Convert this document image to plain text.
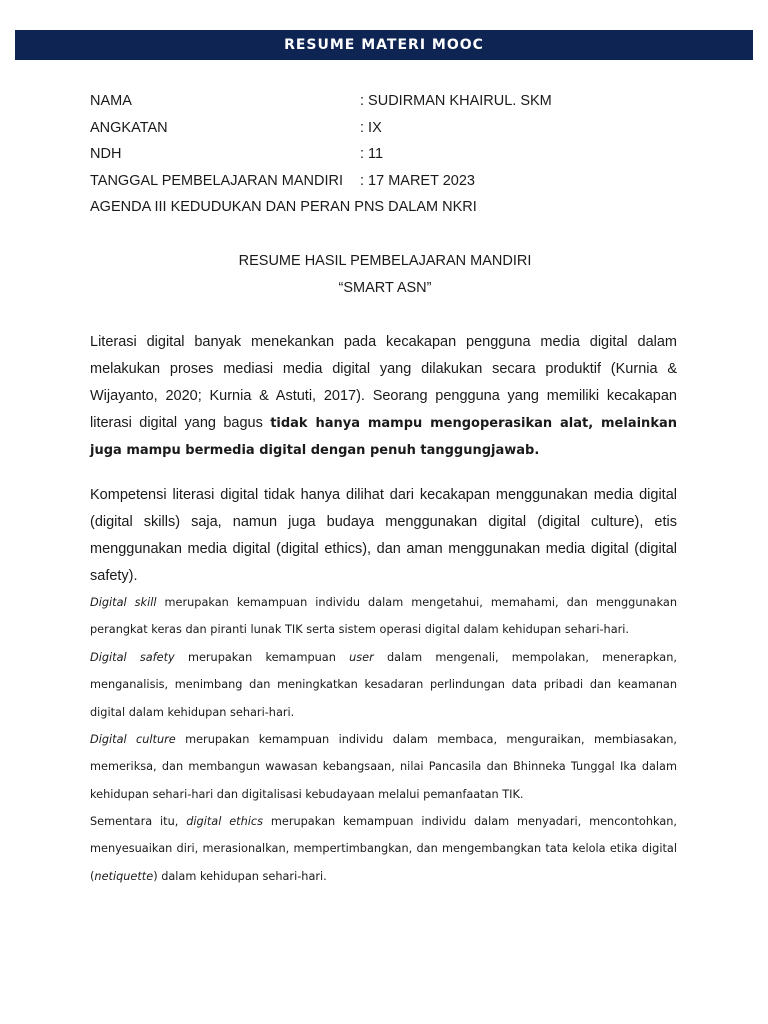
RESUME MATERI MOOC
NAMA	: SUDIRMAN KHAIRUL. SKM
ANGKATAN	: IX
NDH	: 11
TANGGAL PEMBELAJARAN MANDIRI	: 17 MARET 2023
AGENDA III KEDUDUKAN DAN PERAN PNS DALAM NKRI
RESUME HASIL PEMBELAJARAN MANDIRI
“SMART ASN”
Literasi digital banyak menekankan pada kecakapan pengguna media digital dalam melakukan proses mediasi media digital yang dilakukan secara produktif (Kurnia & Wijayanto, 2020; Kurnia & Astuti, 2017). Seorang pengguna yang memiliki kecakapan literasi digital yang bagus tidak hanya mampu mengoperasikan alat, melainkan juga mampu bermedia digital dengan penuh tanggungjawab.
Kompetensi literasi digital tidak hanya dilihat dari kecakapan menggunakan media digital (digital skills) saja, namun juga budaya menggunakan digital (digital culture), etis menggunakan media digital (digital ethics), dan aman menggunakan media digital (digital safety).
Digital skill merupakan kemampuan individu dalam mengetahui, memahami, dan menggunakan perangkat keras dan piranti lunak TIK serta sistem operasi digital dalam kehidupan sehari-hari.
Digital safety merupakan kemampuan user dalam mengenali, mempolakan, menerapkan, menganalisis, menimbang dan meningkatkan kesadaran perlindungan data pribadi dan keamanan digital dalam kehidupan sehari-hari.
Digital culture merupakan kemampuan individu dalam membaca, menguraikan, membiasakan, memeriksa, dan membangun wawasan kebangsaan, nilai Pancasila dan Bhinneka Tunggal Ika dalam kehidupan sehari-hari dan digitalisasi kebudayaan melalui pemanfaatan TIK.
Sementara itu, digital ethics merupakan kemampuan individu dalam menyadari, mencontohkan, menyesuaikan diri, merasionalkan, mempertimbangkan, dan mengembangkan tata kelola etika digital (netiquette) dalam kehidupan sehari-hari.
